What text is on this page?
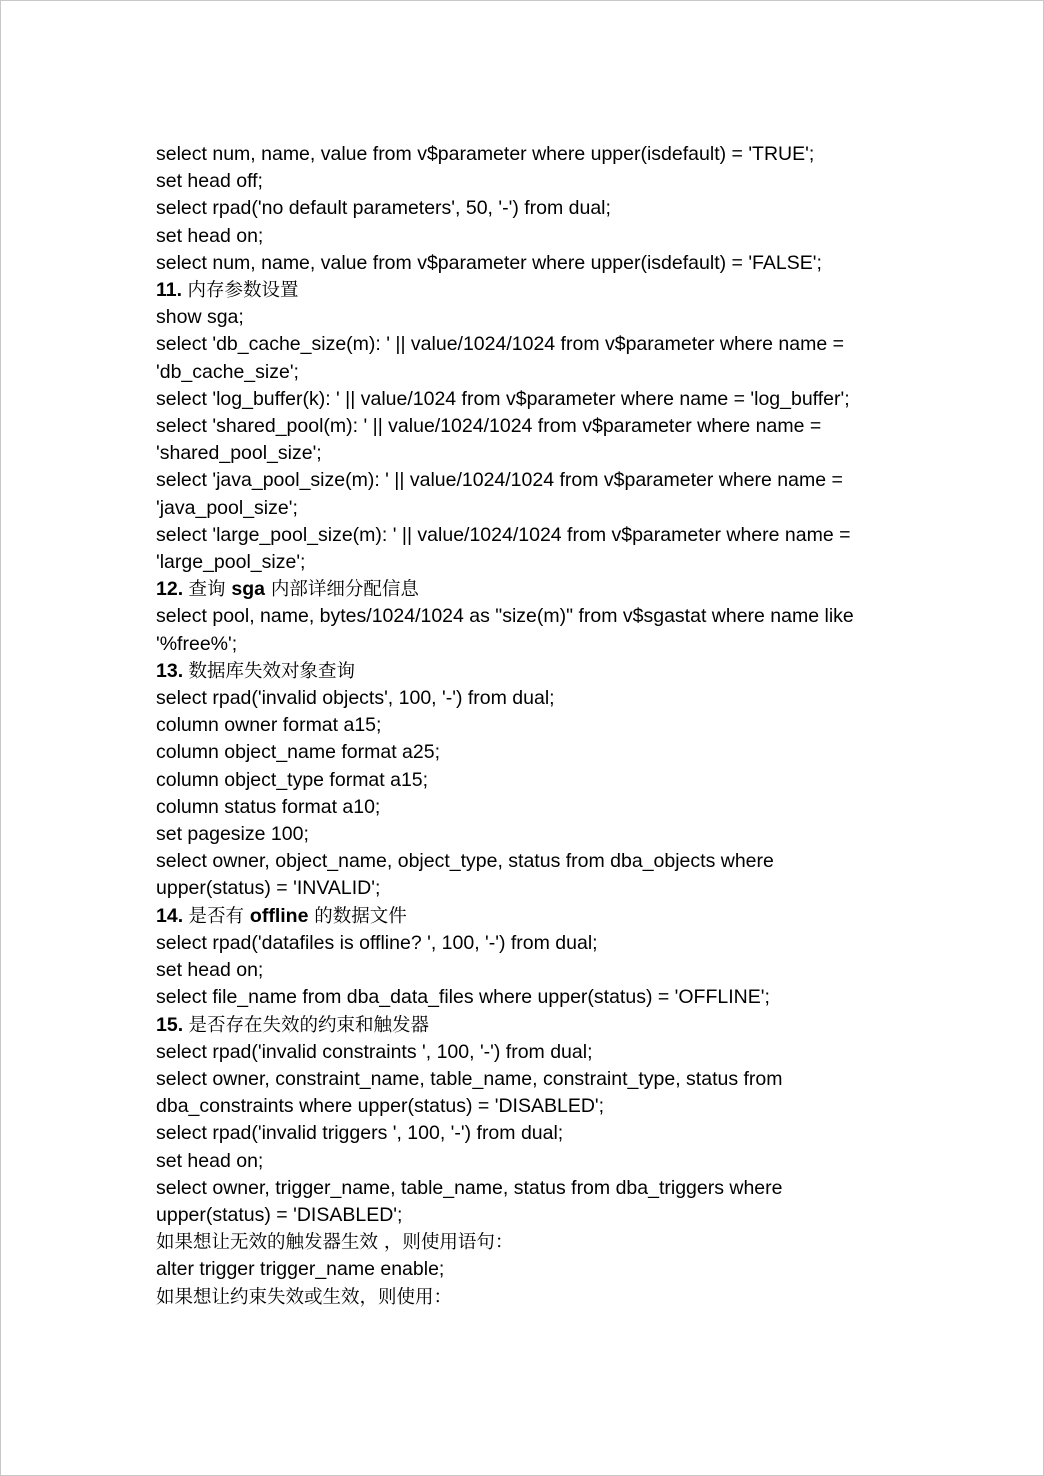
select num, name, value from v$parameter where upper(isdefault) = 'TRUE';
set head off;
select rpad('no default parameters', 50, '-') from dual;
set head on;
select num, name, value from v$parameter where upper(isdefault) = 'FALSE';
11. 内存参数设置
show sga;
select 'db_cache_size(m): ' || value/1024/1024 from v$parameter where name = 'db_cache_size';
select 'log_buffer(k): ' || value/1024 from v$parameter where name = 'log_buffer';
select 'shared_pool(m): ' || value/1024/1024 from v$parameter where name = 'shared_pool_size';
select 'java_pool_size(m): ' || value/1024/1024 from v$parameter where name = 'java_pool_size';
select 'large_pool_size(m): ' || value/1024/1024 from v$parameter where name = 'large_pool_size';
12. 查询 sga 内部详细分配信息
select pool, name, bytes/1024/1024 as "size(m)" from v$sgastat where name like '%free%';
13. 数据库失效对象查询
select rpad('invalid objects', 100, '-') from dual;
column owner format a15;
column object_name format a25;
column object_type format a15;
column status format a10;
set pagesize 100;
select owner, object_name, object_type, status from dba_objects where upper(status) = 'INVALID';
14. 是否有 offline 的数据文件
select rpad('datafiles is offline? ', 100, '-') from dual;
set head on;
select file_name from dba_data_files where upper(status) = 'OFFLINE';
15. 是否存在失效的约束和触发器
select rpad('invalid constraints ', 100, '-') from dual;
select owner, constraint_name, table_name, constraint_type, status from dba_constraints where upper(status) = 'DISABLED';
select rpad('invalid triggers ', 100, '-') from dual;
set head on;
select owner, trigger_name, table_name, status from dba_triggers where upper(status) = 'DISABLED';
如果想让无效的触发器生效 ，则使用语句：
alter trigger trigger_name enable;
如果想让约束失效或生效，则使用：
